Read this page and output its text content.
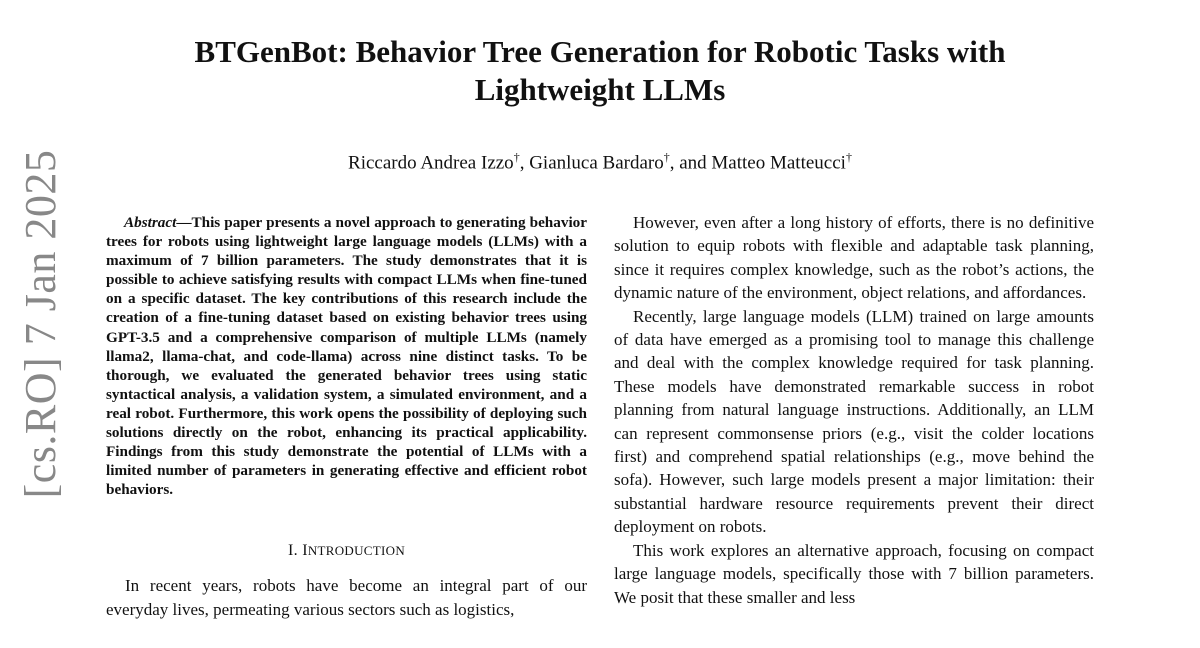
[cs.RO] 7 Jan 2025
BTGenBot: Behavior Tree Generation for Robotic Tasks with Lightweight LLMs
Riccardo Andrea Izzo†, Gianluca Bardaro†, and Matteo Matteucci†

Abstract—This paper presents a novel approach to generating behavior trees for robots using lightweight large language models (LLMs) with a maximum of 7 billion parameters. The study demonstrates that it is possible to achieve satisfying results with compact LLMs when fine-tuned on a specific dataset. The key contributions of this research include the creation of a fine-tuning dataset based on existing behavior trees using GPT-3.5 and a comprehensive comparison of multiple LLMs (namely llama2, llama-chat, and code-llama) across nine distinct tasks. To be thorough, we evaluated the generated behavior trees using static syntactical analysis, a validation system, a simulated environment, and a real robot. Furthermore, this work opens the possibility of deploying such solutions directly on the robot, enhancing its practical applicability. Findings from this study demonstrate the potential of LLMs with a limited number of parameters in generating effective and efficient robot behaviors.

I. INTRODUCTION

In recent years, robots have become an integral part of our everyday lives, permeating various sectors such as logistics,

However, even after a long history of efforts, there is no definitive solution to equip robots with flexible and adaptable task planning, since it requires complex knowledge, such as the robot’s actions, the dynamic nature of the environment, object relations, and affordances.

Recently, large language models (LLM) trained on large amounts of data have emerged as a promising tool to manage this challenge and deal with the complex knowledge required for task planning. These models have demonstrated remarkable success in robot planning from natural language instructions. Additionally, an LLM can represent commonsense priors (e.g., visit the colder locations first) and comprehend spatial relationships (e.g., move behind the sofa). However, such large models present a major limitation: their substantial hardware resource requirements prevent their direct deployment on robots.

This work explores an alternative approach, focusing on compact large language models, specifically those with 7 billion parameters. We posit that these smaller and less
